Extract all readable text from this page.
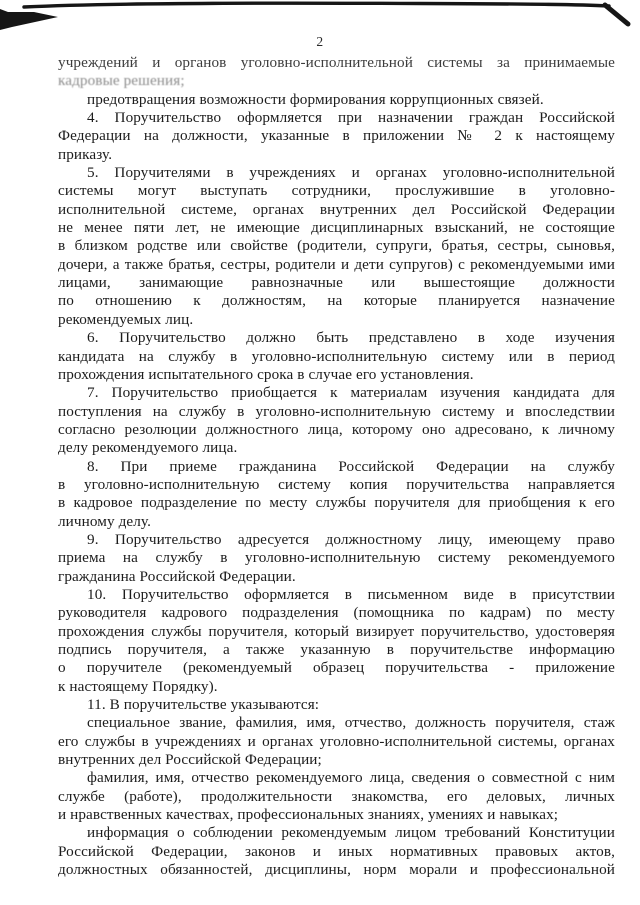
2
учреждений и органов уголовно-исполнительной системы за принимаемые
кадровые решения;
предотвращения возможности формирования коррупционных связей.
4. Поручительство оформляется при назначении граждан Российской
Федерации на должности, указанные в приложении № 2 к настоящему
приказу.
5. Поручителями в учреждениях и органах уголовно-исполнительной
системы могут выступать сотрудники, прослужившие в уголовно-
исполнительной системе, органах внутренних дел Российской Федерации
не менее пяти лет, не имеющие дисциплинарных взысканий, не состоящие
в близком родстве или свойстве (родители, супруги, братья, сестры, сыновья,
дочери, а также братья, сестры, родители и дети супругов) с рекомендуемыми ими
лицами, занимающие равнозначные или вышестоящие должности
по отношению к должностям, на которые планируется назначение
рекомендуемых лиц.
6. Поручительство должно быть представлено в ходе изучения
кандидата на службу в уголовно-исполнительную систему или в период
прохождения испытательного срока в случае его установления.
7. Поручительство приобщается к материалам изучения кандидата для
поступления на службу в уголовно-исполнительную систему и впоследствии
согласно резолюции должностного лица, которому оно адресовано, к личному
делу рекомендуемого лица.
8. При приеме гражданина Российской Федерации на службу
в уголовно-исполнительную систему копия поручительства направляется
в кадровое подразделение по месту службы поручителя для приобщения к его
личному делу.
9. Поручительство адресуется должностному лицу, имеющему право
приема на службу в уголовно-исполнительную систему рекомендуемого
гражданина Российской Федерации.
10. Поручительство оформляется в письменном виде в присутствии
руководителя кадрового подразделения (помощника по кадрам) по месту
прохождения службы поручителя, который визирует поручительство, удостоверяя
подпись поручителя, а также указанную в поручительстве информацию
о поручителе (рекомендуемый образец поручительства - приложение
к настоящему Порядку).
11. В поручительстве указываются:
специальное звание, фамилия, имя, отчество, должность поручителя, стаж
его службы в учреждениях и органах уголовно-исполнительной системы, органах
внутренних дел Российской Федерации;
фамилия, имя, отчество рекомендуемого лица, сведения о совместной с ним
службе (работе), продолжительности знакомства, его деловых, личных
и нравственных качествах, профессиональных знаниях, умениях и навыках;
информация о соблюдении рекомендуемым лицом требований Конституции
Российской Федерации, законов и иных нормативных правовых актов,
должностных обязанностей, дисциплины, норм морали и профессиональной
